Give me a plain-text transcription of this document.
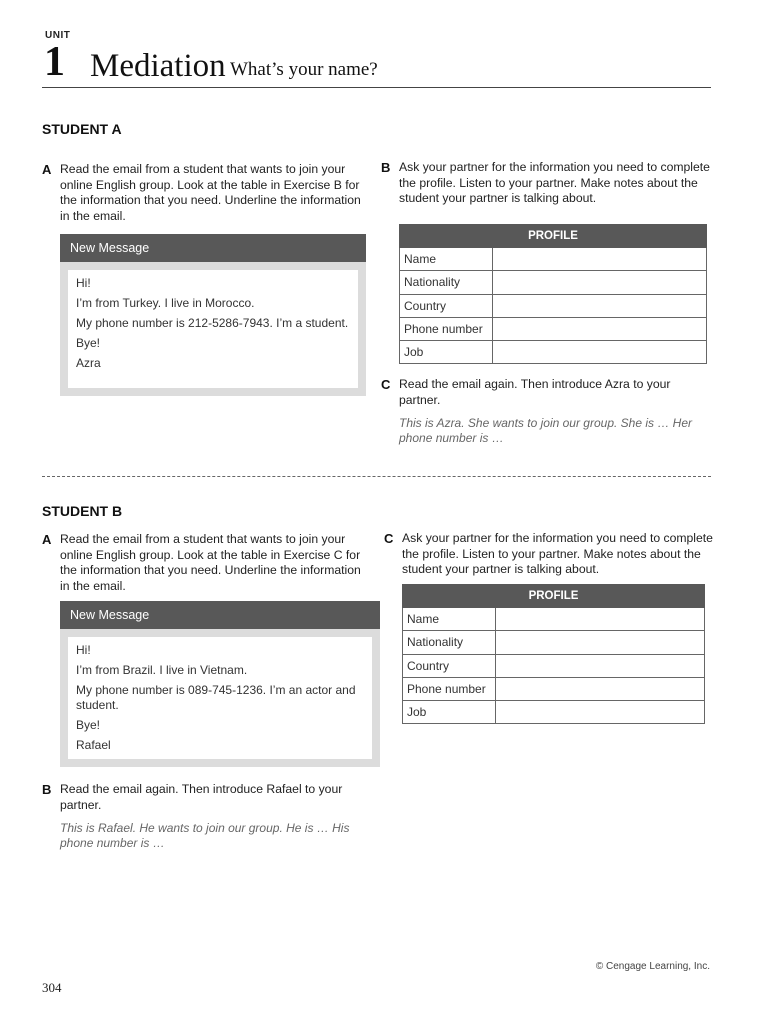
UNIT
1 Mediation What’s your name?
STUDENT A
A Read the email from a student that wants to join your online English group. Look at the table in Exercise B for the information that you need. Underline the information in the email.
New Message
Hi!
I’m from Turkey. I live in Morocco.
My phone number is 212-5286-7943. I’m a student.
Bye!
Azra
B Ask your partner for the information you need to complete the profile. Listen to your partner. Make notes about the student your partner is talking about.
PROFILE	
Name	
Nationality	
Country	
Phone number	
Job	
C Read the email again. Then introduce Azra to your partner.
This is Azra. She wants to join our group. She is … Her phone number is …
STUDENT B
A Read the email from a student that wants to join your online English group. Look at the table in Exercise C for the information that you need. Underline the information in the email.
New Message
Hi!
I’m from Brazil. I live in Vietnam.
My phone number is 089-745-1236. I’m an actor and student.
Bye!
Rafael
B Read the email again. Then introduce Rafael to your partner.
This is Rafael. He wants to join our group. He is … His phone number is …
C Ask your partner for the information you need to complete the profile. Listen to your partner. Make notes about the student your partner is talking about.
PROFILE	
Name	
Nationality	
Country	
Phone number	
Job	
© Cengage Learning, Inc.
304
